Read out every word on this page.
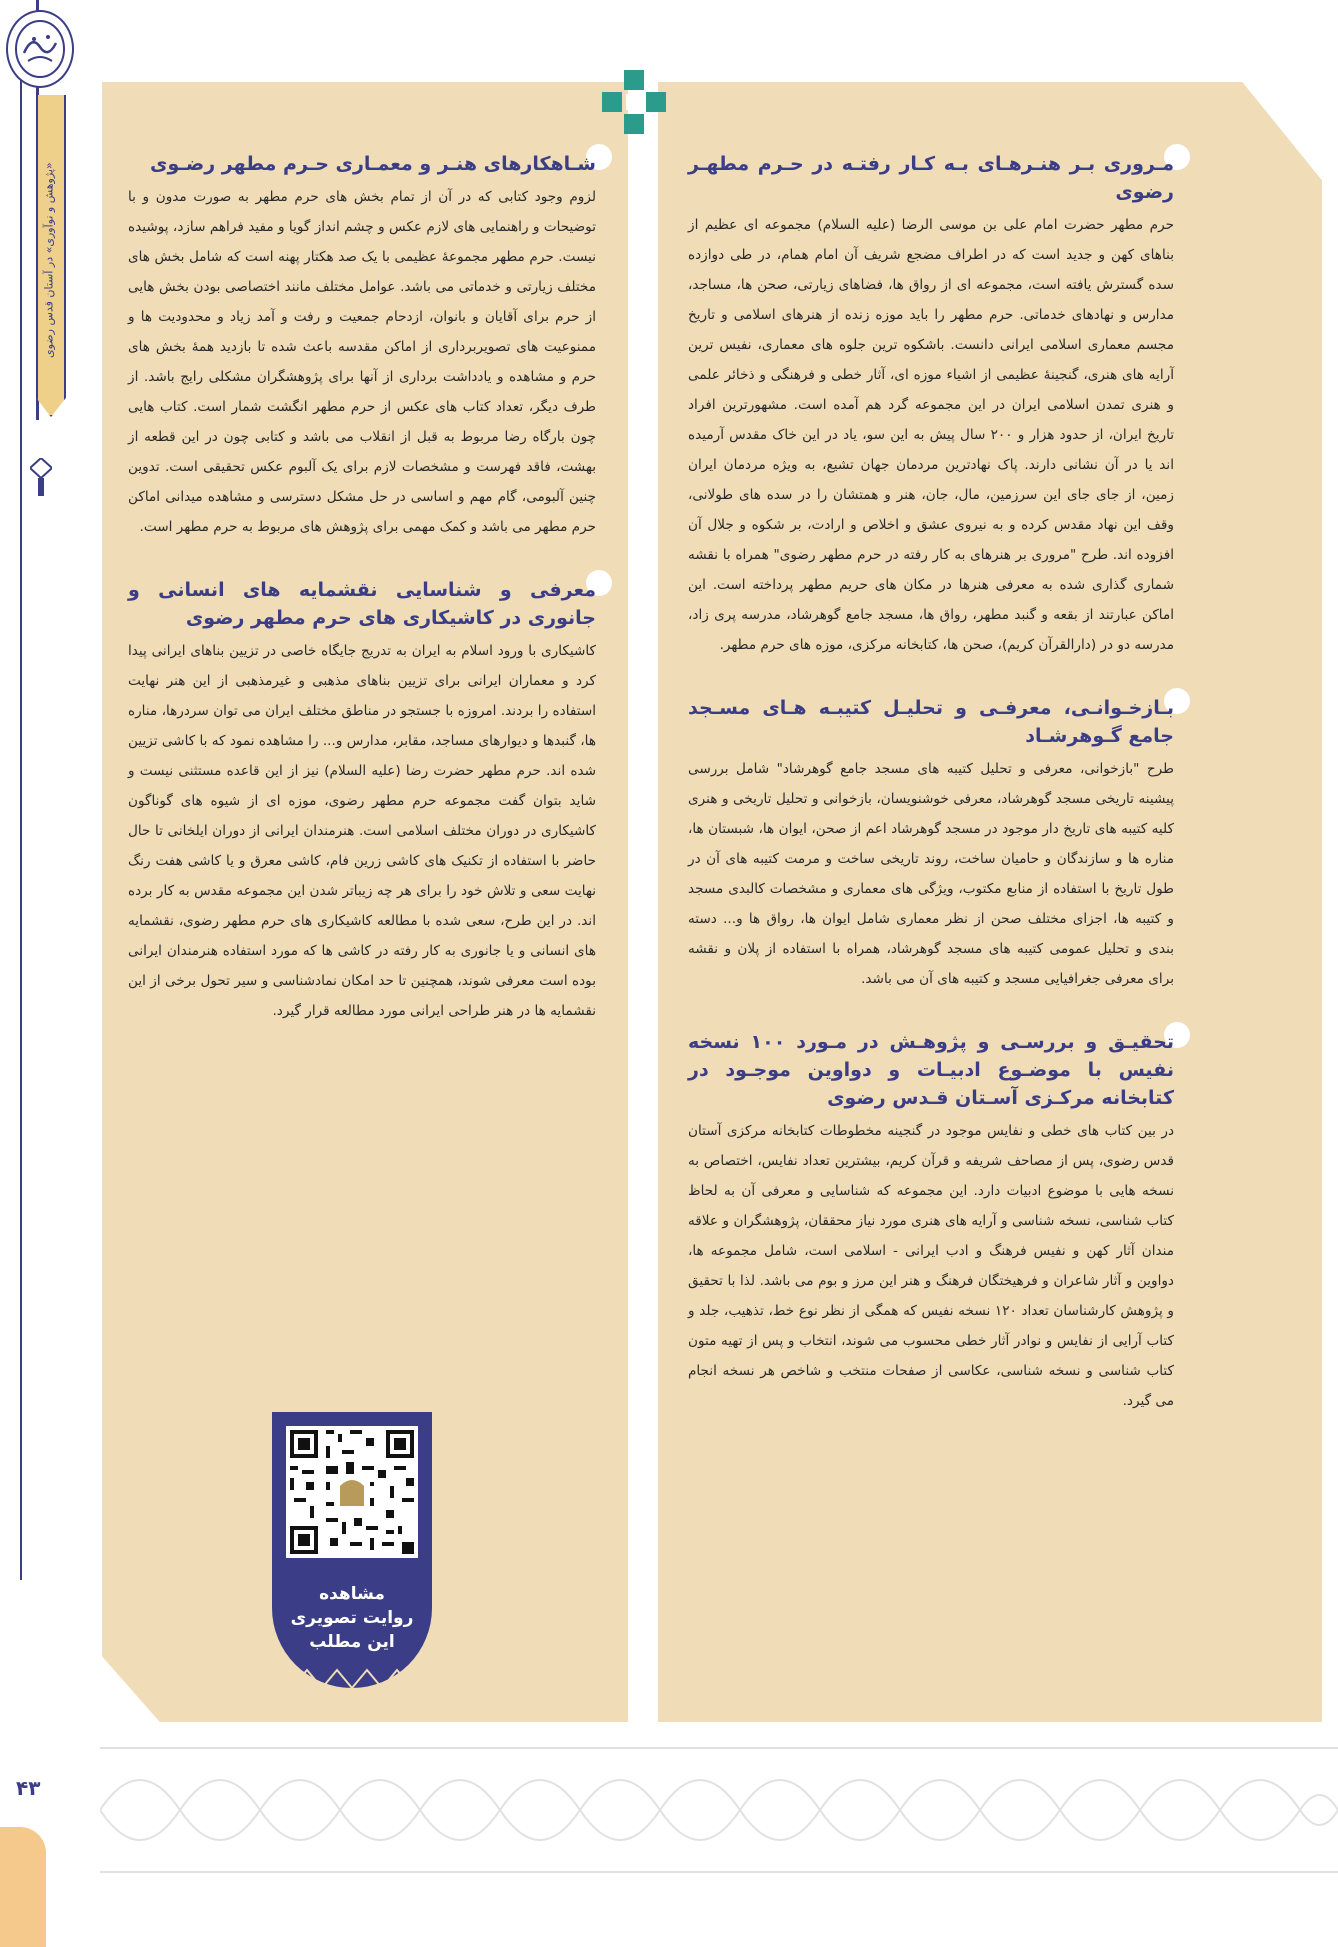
«پژوهش و نوآوری» در آستان قدس رضوی
۴۳
مـروری بـر هنـرهـای بـه کـار رفتـه در حـرم مطهـر رضوی

حرم مطهر حضرت امام علی بن موسی الرضا (علیه السلام) مجموعه ای عظیم از بناهای کهن و جدید است که در اطراف مضجع شریف آن امام همام، در طی دوازده سده گسترش یافته است، مجموعه ای از رواق ها، فضاهای زیارتی، صحن ها، مساجد، مدارس و نهادهای خدماتی. حرم مطهر را باید موزه زنده از هنرهای اسلامی و تاریخ مجسم معماری اسلامی ایرانی دانست. باشکوه ترین جلوه های معماری، نفیس ترین آرایه های هنری، گنجینهٔ عظیمی از اشیاء موزه ای، آثار خطی و فرهنگی و ذخائر علمی و هنری تمدن اسلامی ایران در این مجموعه گرد هم آمده است. مشهورترین افراد تاریخ ایران، از حدود هزار و ۲۰۰ سال پیش به این سو، یاد در این خاک مقدس آرمیده اند یا در آن نشانی دارند. پاک نهادترین مردمان جهان تشیع، به ویژه مردمان ایران زمین، از جای جای این سرزمین، مال، جان، هنر و همتشان را در سده های طولانی، وقف این نهاد مقدس کرده و به نیروی عشق و اخلاص و ارادت، بر شکوه و جلال آن افزوده اند. طرح "مروری بر هنرهای به کار رفته در حرم مطهر رضوی" همراه با نقشه شماری گذاری شده به معرفی هنرها در مکان های حریم مطهر پرداخته است. این اماکن عبارتند از بقعه و گنبد مطهر، رواق ها، مسجد جامع گوهرشاد، مدرسه پری زاد، مدرسه دو در (دارالقرآن کریم)، صحن ها، کتابخانه مرکزی، موزه های حرم مطهر.

بـازخـوانـی، معرفـی و تحلیـل کتیبـه هـای مسـجد جامع گـوهرشـاد

طرح "بازخوانی، معرفی و تحلیل کتیبه های مسجد جامع گوهرشاد" شامل بررسی پیشینه تاریخی مسجد گوهرشاد، معرفی خوشنویسان، بازخوانی و تحلیل تاریخی و هنری کلیه کتیبه های تاریخ دار موجود در مسجد گوهرشاد اعم از صحن، ایوان ها، شبستان ها، مناره ها و سازندگان و حامیان ساخت، روند تاریخی ساخت و مرمت کتیبه های آن در طول تاریخ با استفاده از منابع مکتوب، ویژگی های معماری و مشخصات کالبدی مسجد و کتیبه ها، اجزای مختلف صحن از نظر معماری شامل ایوان ها، رواق ها و... دسته بندی و تحلیل عمومی کتیبه های مسجد گوهرشاد، همراه با استفاده از پلان و نقشه برای معرفی جغرافیایی مسجد و کتیبه های آن می باشد.

تحقیـق و بررسـی و پژوهـش در مـورد ۱۰۰ نسخه نفیس با موضـوع ادبیـات و دواوین موجـود در کتابخانه مرکـزی آسـتان قـدس رضوی

در بین کتاب های خطی و نفایس موجود در گنجینه مخطوطات کتابخانه مرکزی آستان قدس رضوی، پس از مصاحف شریفه و قرآن کریم، بیشترین تعداد نفایس، اختصاص به نسخه هایی با موضوع ادبیات دارد. این مجموعه که شناسایی و معرفی آن به لحاظ کتاب شناسی، نسخه شناسی و آرایه های هنری مورد نیاز محققان، پژوهشگران و علاقه مندان آثار کهن و نفیس فرهنگ و ادب ایرانی - اسلامی است، شامل مجموعه ها، دواوین و آثار شاعران و فرهیختگان فرهنگ و هنر این مرز و بوم می باشد. لذا با تحقیق و پژوهش کارشناسان تعداد ۱۲۰ نسخه نفیس که همگی از نظر نوع خط، تذهیب، جلد و کتاب آرایی از نفایس و نوادر آثار خطی محسوب می شوند، انتخاب و پس از تهیه متون کتاب شناسی و نسخه شناسی، عکاسی از صفحات منتخب و شاخص هر نسخه انجام می گیرد.

شـاهکارهای هنـر و معمـاری حـرم مطهر رضـوی

لزوم وجود کتابی که در آن از تمام بخش های حرم مطهر به صورت مدون و با توضیحات و راهنمایی های لازم عکس و چشم انداز گویا و مفید فراهم سازد، پوشیده نیست. حرم مطهر مجموعهٔ عظیمی با یک صد هکتار پهنه است که شامل بخش های مختلف زیارتی و خدماتی می باشد. عوامل مختلف مانند اختصاصی بودن بخش هایی از حرم برای آقایان و بانوان، ازدحام جمعیت و رفت و آمد زیاد و محدودیت ها و ممنوعیت های تصویربرداری از اماکن مقدسه باعث شده تا بازدید همهٔ بخش های حرم و مشاهده و یادداشت برداری از آنها برای پژوهشگران مشکلی رایج باشد. از طرف دیگر، تعداد کتاب های عکس از حرم مطهر انگشت شمار است. کتاب هایی چون بارگاه رضا مربوط به قبل از انقلاب می باشد و کتابی چون در این قطعه از بهشت، فاقد فهرست و مشخصات لازم برای یک آلبوم عکس تحقیقی است. تدوین چنین آلبومی، گام مهم و اساسی در حل مشکل دسترسی و مشاهده میدانی اماکن حرم مطهر می باشد و کمک مهمی برای پژوهش های مربوط به حرم مطهر است.

معرفی و شناسایی نقشمایه های انسانی و جانوری در کاشیکاری های حرم مطهر رضوی

کاشیکاری با ورود اسلام به ایران به تدریج جایگاه خاصی در تزیین بناهای ایرانی پیدا کرد و معماران ایرانی برای تزیین بناهای مذهبی و غیرمذهبی از این هنر نهایت استفاده را بردند. امروزه با جستجو در مناطق مختلف ایران می توان سردرها، مناره ها، گنبدها و دیوارهای مساجد، مقابر، مدارس و... را مشاهده نمود که با کاشی تزیین شده اند. حرم مطهر حضرت رضا (علیه السلام) نیز از این قاعده مستثنی نیست و شاید بتوان گفت مجموعه حرم مطهر رضوی، موزه ای از شیوه های گوناگون کاشیکاری در دوران مختلف اسلامی است. هنرمندان ایرانی از دوران ایلخانی تا حال حاضر با استفاده از تکنیک های کاشی زرین فام، کاشی معرق و یا کاشی هفت رنگ نهایت سعی و تلاش خود را برای هر چه زیباتر شدن این مجموعه مقدس به کار برده اند. در این طرح، سعی شده با مطالعه کاشیکاری های حرم مطهر رضوی، نقشمایه های انسانی و یا جانوری به کار رفته در کاشی ها که مورد استفاده هنرمندان ایرانی بوده است معرفی شوند، همچنین تا حد امکان نمادشناسی و سیر تحول برخی از این نقشمایه ها در هنر طراحی ایرانی مورد مطالعه قرار گیرد.

مشاهده
روایت تصویری
این مطلب
